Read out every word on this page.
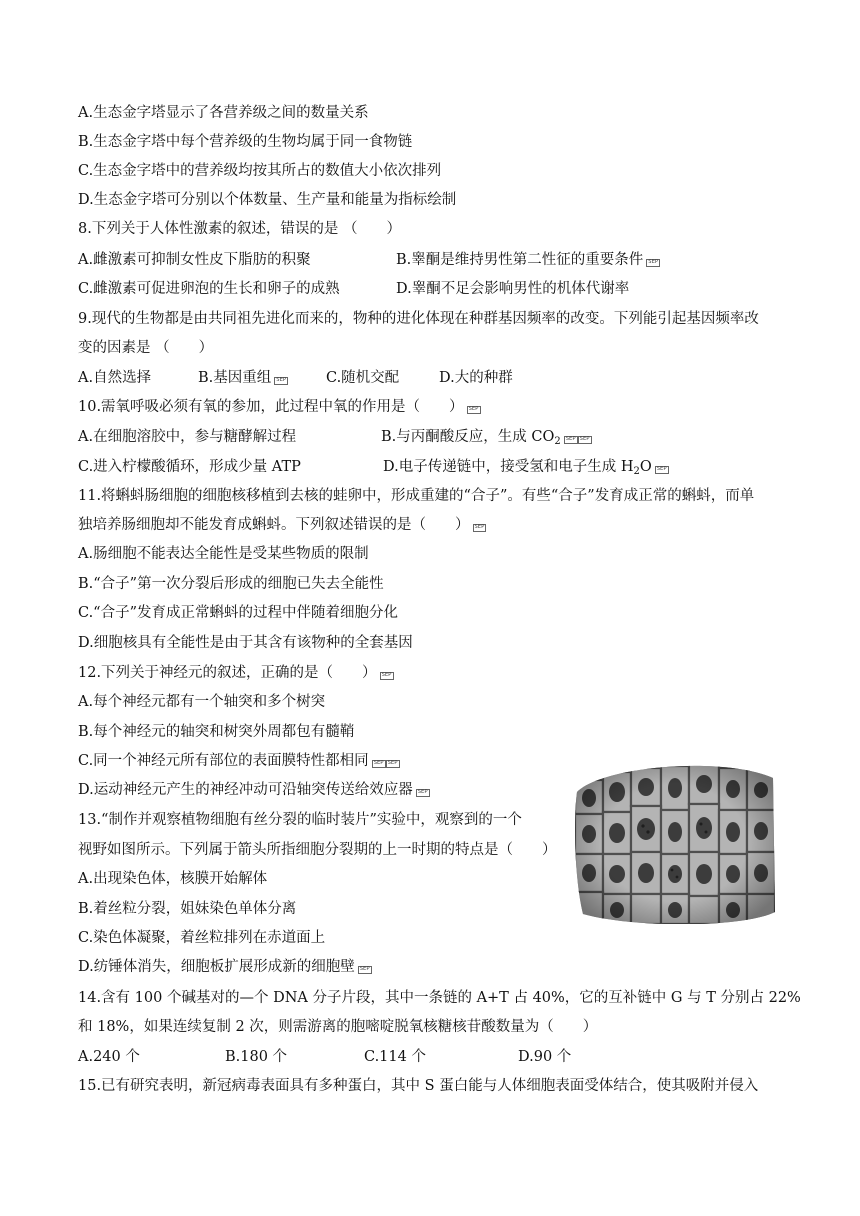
A.生态金字塔显示了各营养级之间的数量关系
B.生态金字塔中每个营养级的生物均属于同一食物链
C.生态金字塔中的营养级均按其所占的数值大小依次排列
D.生态金字塔可分别以个体数量、生产量和能量为指标绘制
8.下列关于人体性激素的叙述，错误的是 （　　）
A.雌激素可抑制女性皮下脂肪的积聚	B.睾酮是维持男性第二性征的重要条件 SEP
C.雌激素可促进卵泡的生长和卵子的成熟	D.睾酮不足会影响男性的机体代谢率
9.现代的生物都是由共同祖先进化而来的，物种的进化体现在种群基因频率的改变。下列能引起基因频率改
变的因素是 （　　）
A.自然选择	B.基因重组 SEP	C.随机交配	D.大的种群
10.需氧呼吸必须有氧的参加，此过程中氧的作用是（　　） SEP
A.在细胞溶胶中，参与糖酵解过程	B.与丙酮酸反应，生成 $CO_2$ SEP SEP
C.进入柠檬酸循环，形成少量 ATP	D.电子传递链中，接受氢和电子生成 $H_2O$ SEP
11.将蝌蚪肠细胞的细胞核移植到去核的蛙卵中，形成重建的“合子”。有些“合子”发育成正常的蝌蚪，而单
独培养肠细胞却不能发育成蝌蚪。下列叙述错误的是（　　） SEP
A.肠细胞不能表达全能性是受某些物质的限制
B.“合子”第一次分裂后形成的细胞已失去全能性
C.“合子”发育成正常蝌蚪的过程中伴随着细胞分化
D.细胞核具有全能性是由于其含有该物种的全套基因
12.下列关于神经元的叙述，正确的是（　　） SEP
A.每个神经元都有一个轴突和多个树突
B.每个神经元的轴突和树突外周都包有髓鞘
C.同一个神经元所有部位的表面膜特性都相同 SEP SEP
D.运动神经元产生的神经冲动可沿轴突传送给效应器 SEP
13.“制作并观察植物细胞有丝分裂的临时装片”实验中，观察到的一个
视野如图所示。下列属于箭头所指细胞分裂期的上一时期的特点是（　　）
A.出现染色体，核膜开始解体
B.着丝粒分裂，姐妹染色单体分离
C.染色体凝聚，着丝粒排列在赤道面上
D.纺锤体消失，细胞板扩展形成新的细胞壁 SEP
14.含有 100 个碱基对的—个 DNA 分子片段，其中一条链的 A+T 占 40%，它的互补链中 G 与 T 分别占 22%
和 18%，如果连续复制 2 次，则需游离的胞嘧啶脱氧核糖核苷酸数量为（　　）
A.240 个	B.180 个	C.114 个	D.90 个
15.已有研究表明，新冠病毒表面具有多种蛋白，其中 S 蛋白能与人体细胞表面受体结合，使其吸附并侵入
